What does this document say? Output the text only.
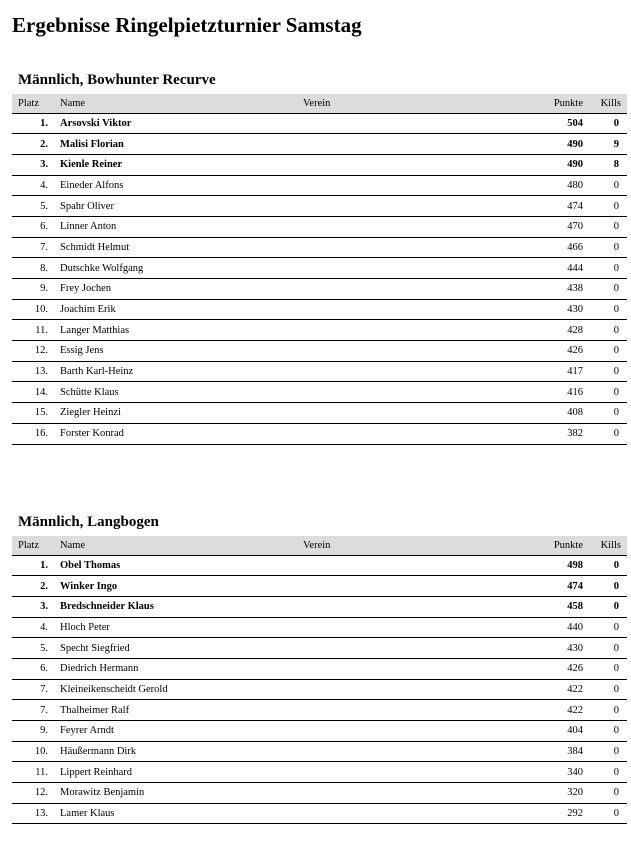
Ergebnisse Ringelpietzturnier Samstag
Männlich, Bowhunter Recurve
Platz	Name	Verein	Punkte	Kills
1.	Arsovski Viktor		504	0
2.	Malisi Florian		490	9
3.	Kienle Reiner		490	8
4.	Eineder Alfons		480	0
5.	Spahr Oliver		474	0
6.	Linner Anton		470	0
7.	Schmidt Helmut		466	0
8.	Dutschke Wolfgang		444	0
9.	Frey Jochen		438	0
10.	Joachim Erik		430	0
11.	Langer Matthias		428	0
12.	Essig Jens		426	0
13.	Barth Karl-Heinz		417	0
14.	Schütte Klaus		416	0
15.	Ziegler Heinzi		408	0
16.	Forster Konrad		382	0
Männlich, Langbogen
Platz	Name	Verein	Punkte	Kills
1.	Obel Thomas		498	0
2.	Winker Ingo		474	0
3.	Bredschneider Klaus		458	0
4.	Hloch Peter		440	0
5.	Specht Siegfried		430	0
6.	Diedrich Hermann		426	0
7.	Kleineikenscheidt Gerold		422	0
7.	Thalheimer Ralf		422	0
9.	Feyrer Arndt		404	0
10.	Häußermann Dirk		384	0
11.	Lippert Reinhard		340	0
12.	Morawitz Benjamin		320	0
13.	Lamer Klaus		292	0
